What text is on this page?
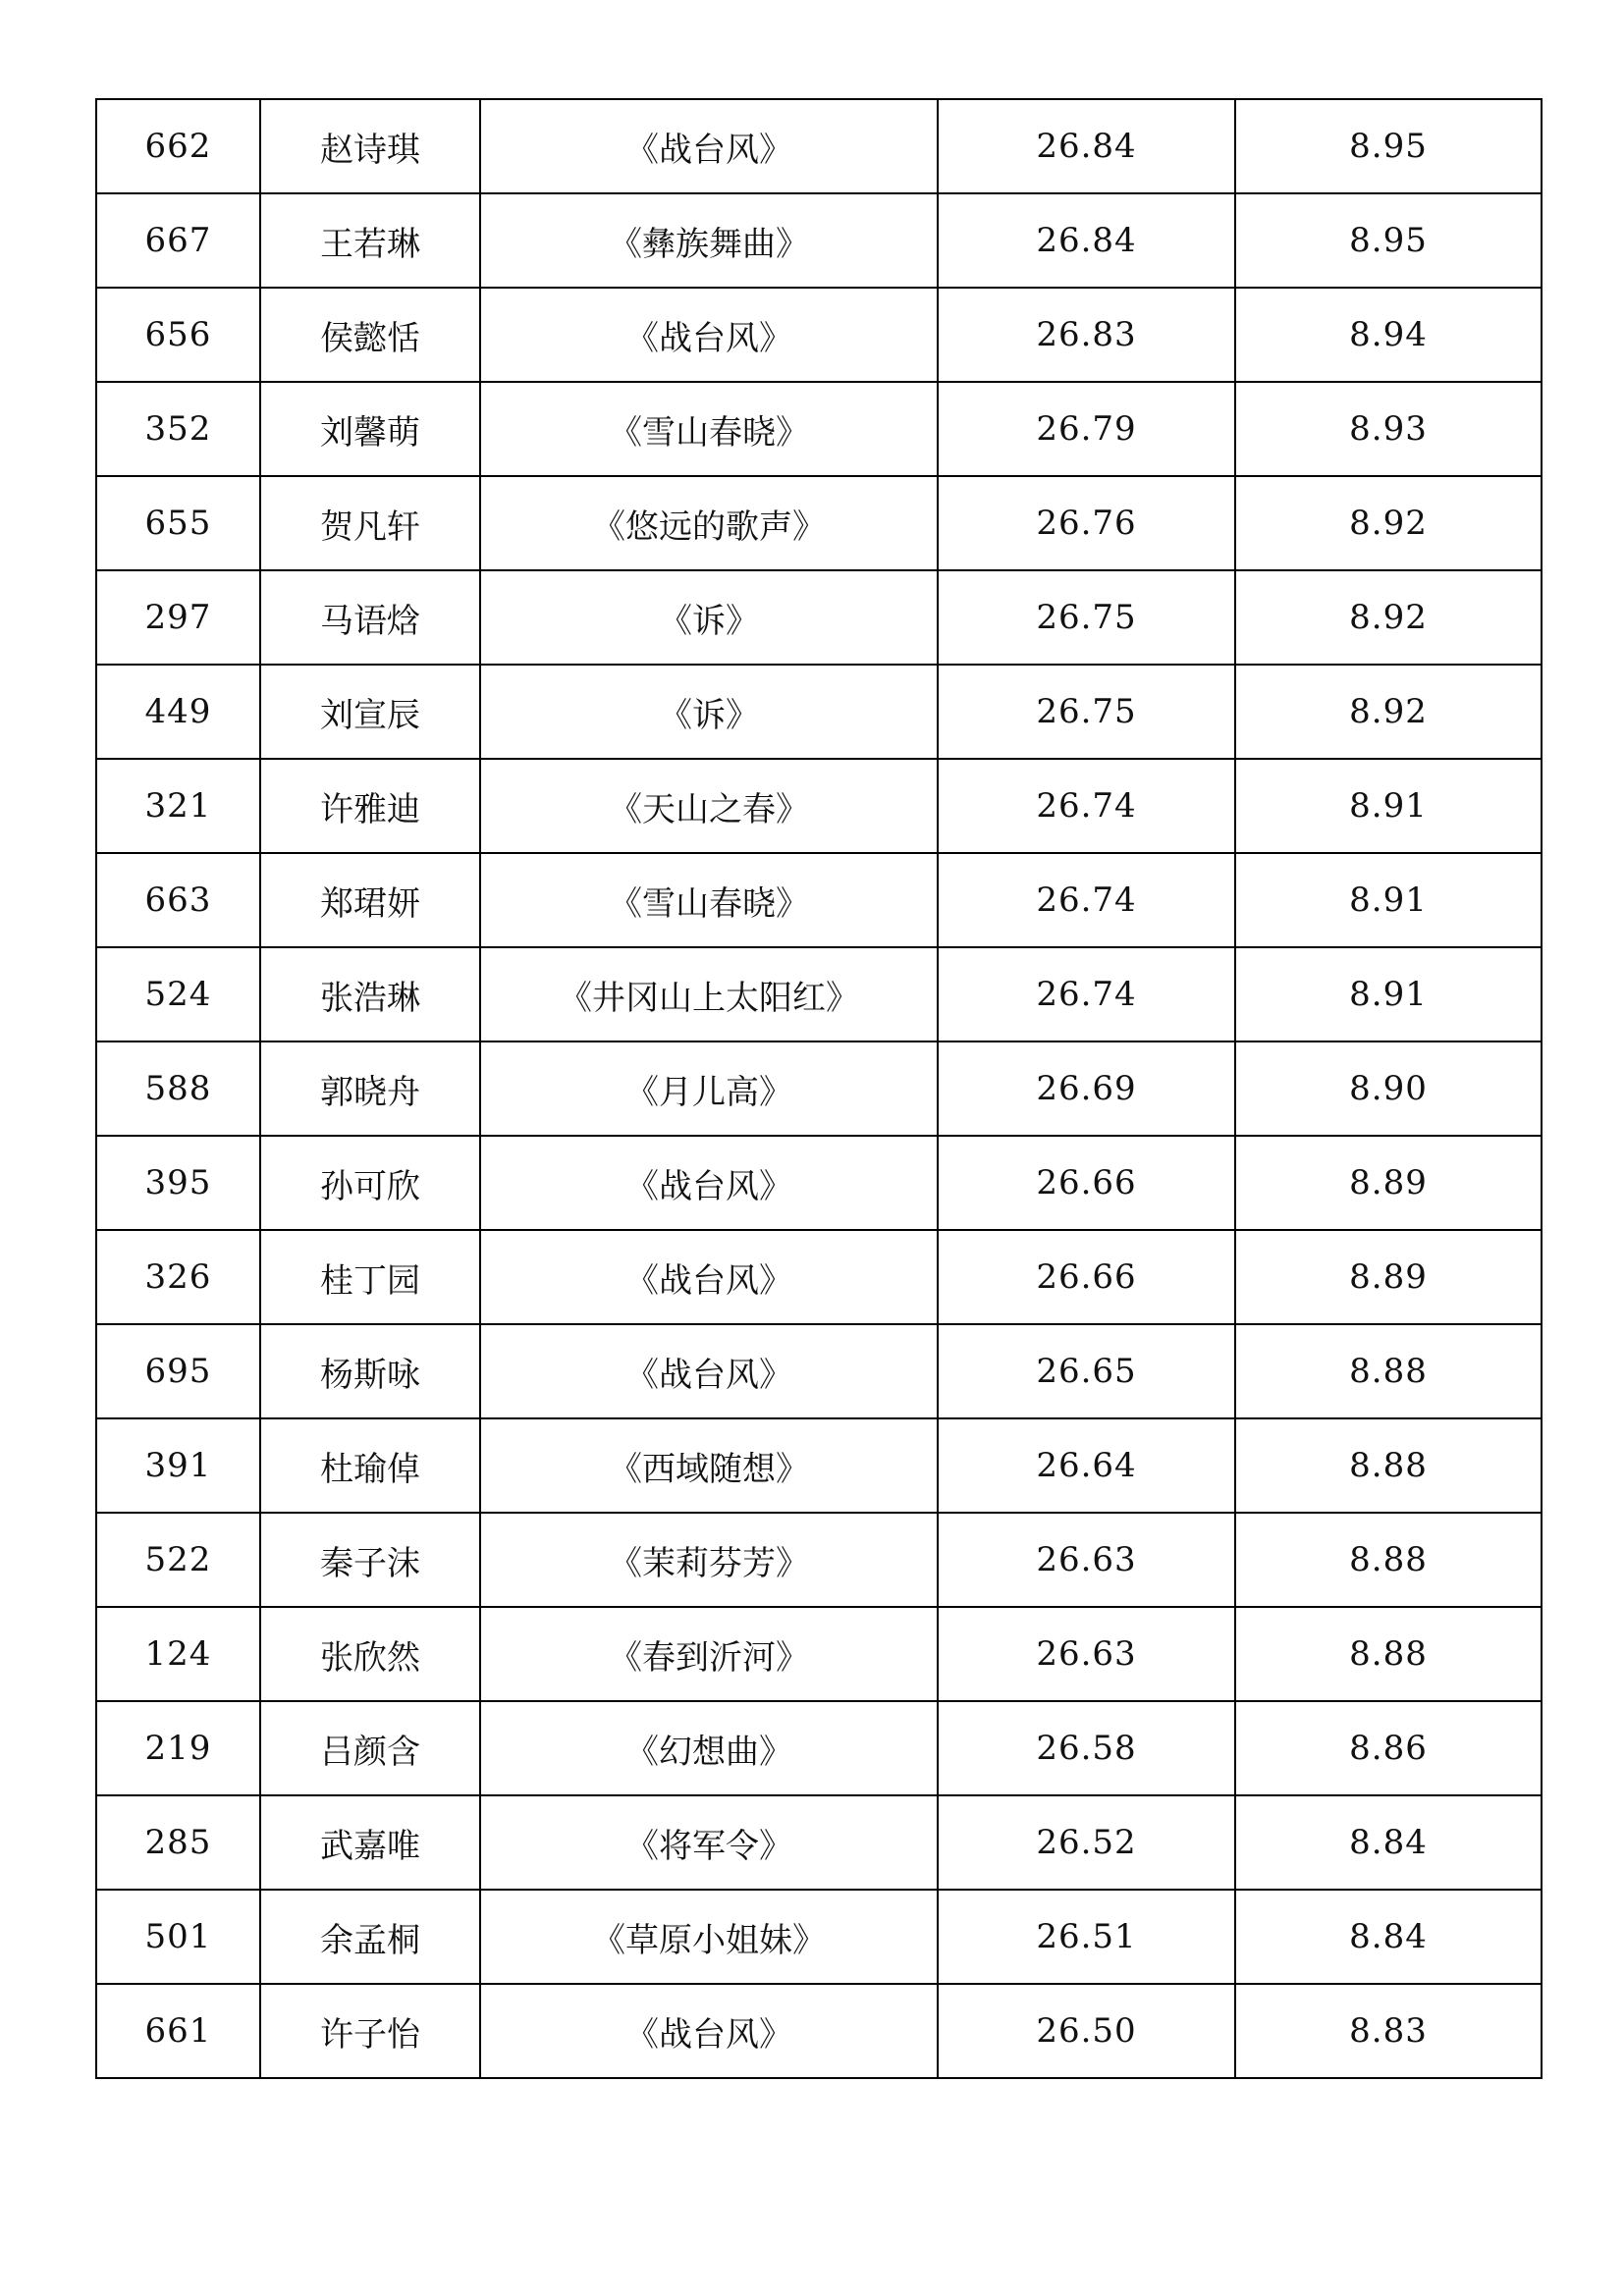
662	赵诗琪	《战台风》	26.84	8.95
667	王若琳	《彝族舞曲》	26.84	8.95
656	侯懿恬	《战台风》	26.83	8.94
352	刘馨萌	《雪山春晓》	26.79	8.93
655	贺凡轩	《悠远的歌声》	26.76	8.92
297	马语焓	《诉》	26.75	8.92
449	刘宣辰	《诉》	26.75	8.92
321	许雅迪	《天山之春》	26.74	8.91
663	郑珺妍	《雪山春晓》	26.74	8.91
524	张浩琳	《井冈山上太阳红》	26.74	8.91
588	郭晓舟	《月儿高》	26.69	8.90
395	孙可欣	《战台风》	26.66	8.89
326	桂丁园	《战台风》	26.66	8.89
695	杨斯咏	《战台风》	26.65	8.88
391	杜瑜倬	《西域随想》	26.64	8.88
522	秦子沫	《茉莉芬芳》	26.63	8.88
124	张欣然	《春到沂河》	26.63	8.88
219	吕颜含	《幻想曲》	26.58	8.86
285	武嘉唯	《将军令》	26.52	8.84
501	余孟桐	《草原小姐妹》	26.51	8.84
661	许子怡	《战台风》	26.50	8.83
